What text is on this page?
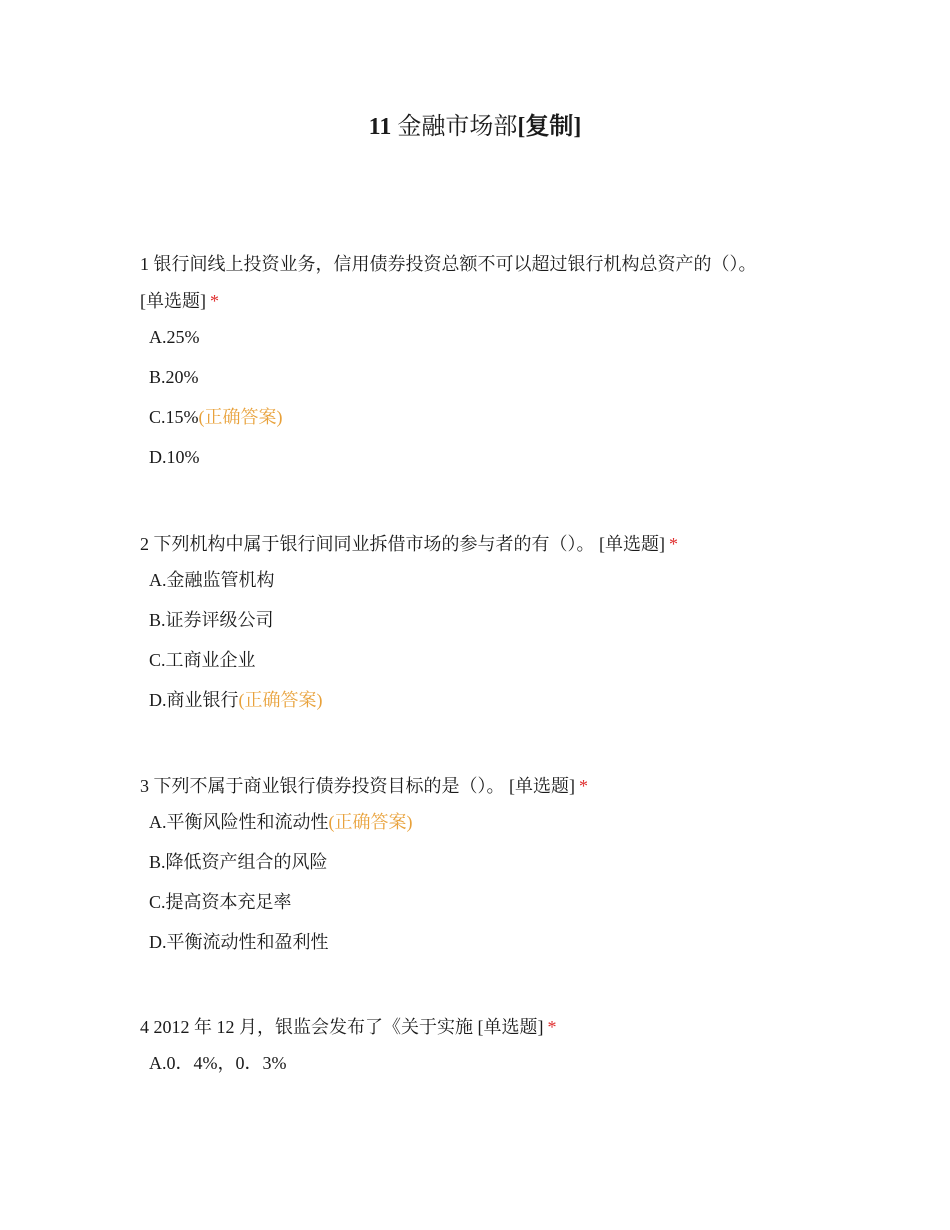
11 金融市场部[复制]

1 银行间线上投资业务，信用债券投资总额不可以超过银行机构总资产的（）。
[单选题] *

A.25%
B.20%
C.15%(正确答案)
D.10%

2 下列机构中属于银行间同业拆借市场的参与者的有（）。 [单选题] *

A.金融监管机构
B.证券评级公司
C.工商业企业
D.商业银行(正确答案)

3 下列不属于商业银行债券投资目标的是（）。 [单选题] *

A.平衡风险性和流动性(正确答案)
B.降低资产组合的风险
C.提高资本充足率
D.平衡流动性和盈利性

4 2012 年 12 月，银监会发布了《关于实施 [单选题] *

A.0．4%，0．3%
